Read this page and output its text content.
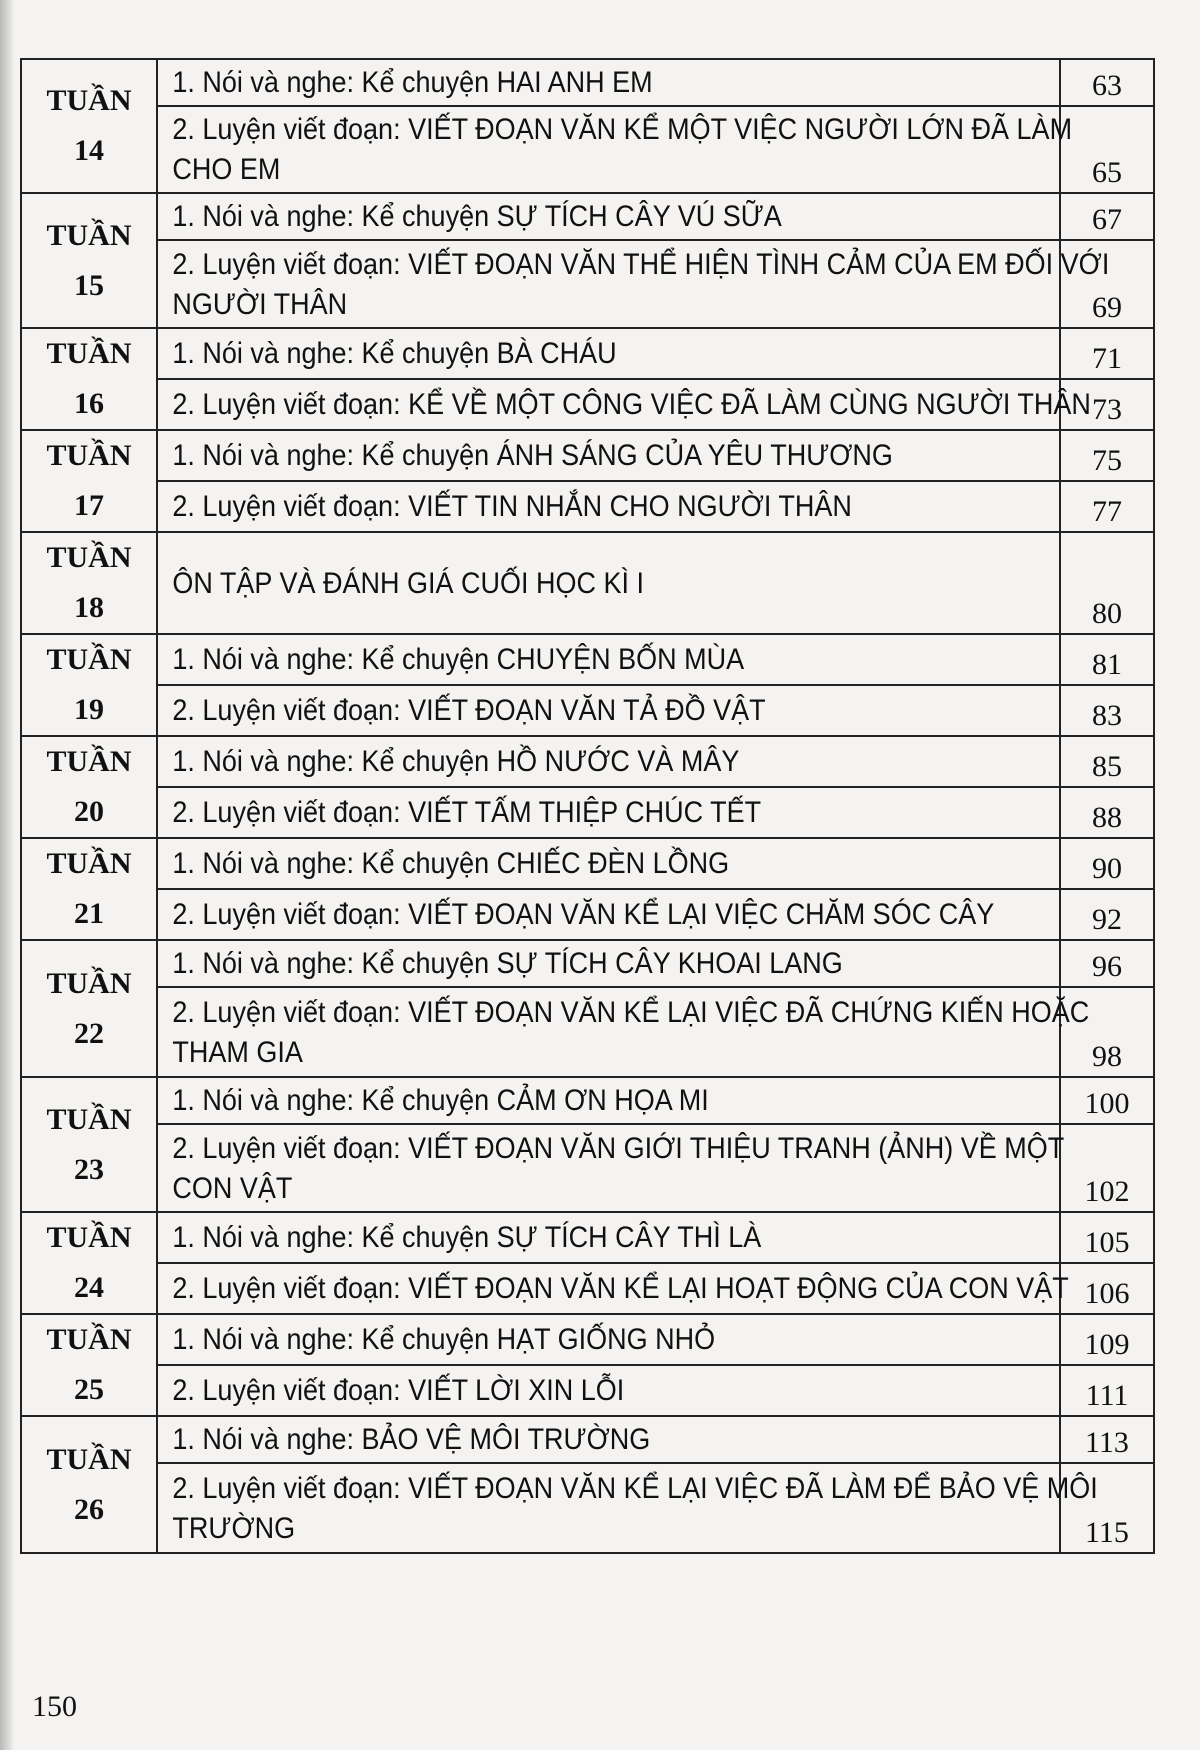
TUẦN
14	1. Nói và nghe: Kể chuyện HAI ANH EM	63

	2. Luyện viết đoạn: VIẾT ĐOẠN VĂN KỂ MỘT VIỆC NGƯỜI LỚN ĐÃ LÀM CHO EM	65

TUẦN
15	1. Nói và nghe: Kể chuyện SỰ TÍCH CÂY VÚ SỮA	67

	2. Luyện viết đoạn: VIẾT ĐOẠN VĂN THỂ HIỆN TÌNH CẢM CỦA EM ĐỐI VỚI NGƯỜI THÂN	69

TUẦN
16	1. Nói và nghe: Kể chuyện BÀ CHÁU	71

	2. Luyện viết đoạn: KỂ VỀ MỘT CÔNG VIỆC ĐÃ LÀM CÙNG NGƯỜI THÂN	73

TUẦN
17	1. Nói và nghe: Kể chuyện ÁNH SÁNG CỦA YÊU THƯƠNG	75

	2. Luyện viết đoạn: VIẾT TIN NHẮN CHO NGƯỜI THÂN	77

TUẦN
18	ÔN TẬP VÀ ĐÁNH GIÁ CUỐI HỌC KÌ I	80

TUẦN
19	1. Nói và nghe: Kể chuyện CHUYỆN BỐN MÙA	81

	2. Luyện viết đoạn: VIẾT ĐOẠN VĂN TẢ ĐỒ VẬT	83

TUẦN
20	1. Nói và nghe: Kể chuyện HỒ NƯỚC VÀ MÂY	85

	2. Luyện viết đoạn: VIẾT TẤM THIỆP CHÚC TẾT	88

TUẦN
21	1. Nói và nghe: Kể chuyện CHIẾC ĐÈN LỒNG	90

	2. Luyện viết đoạn: VIẾT ĐOẠN VĂN KỂ LẠI VIỆC CHĂM SÓC CÂY	92

TUẦN
22	1. Nói và nghe: Kể chuyện SỰ TÍCH CÂY KHOAI LANG	96

	2. Luyện viết đoạn: VIẾT ĐOẠN VĂN KỂ LẠI VIỆC ĐÃ CHỨNG KIẾN HOẶC THAM GIA	98

TUẦN
23	1. Nói và nghe: Kể chuyện CẢM ƠN HỌA MI	100

	2. Luyện viết đoạn: VIẾT ĐOẠN VĂN GIỚI THIỆU TRANH (ẢNH) VỀ MỘT CON VẬT	102

TUẦN
24	1. Nói và nghe: Kể chuyện SỰ TÍCH CÂY THÌ LÀ	105

	2. Luyện viết đoạn: VIẾT ĐOẠN VĂN KỂ LẠI HOẠT ĐỘNG CỦA CON VẬT	106

TUẦN
25	1. Nói và nghe: Kể chuyện HẠT GIỐNG NHỎ	109

	2. Luyện viết đoạn: VIẾT LỜI XIN LỖI	111

TUẦN
26	1. Nói và nghe: BẢO VỆ MÔI TRƯỜNG	113

	2. Luyện viết đoạn: VIẾT ĐOẠN VĂN KỂ LẠI VIỆC ĐÃ LÀM ĐỂ BẢO VỆ MÔI TRƯỜNG	115
150
